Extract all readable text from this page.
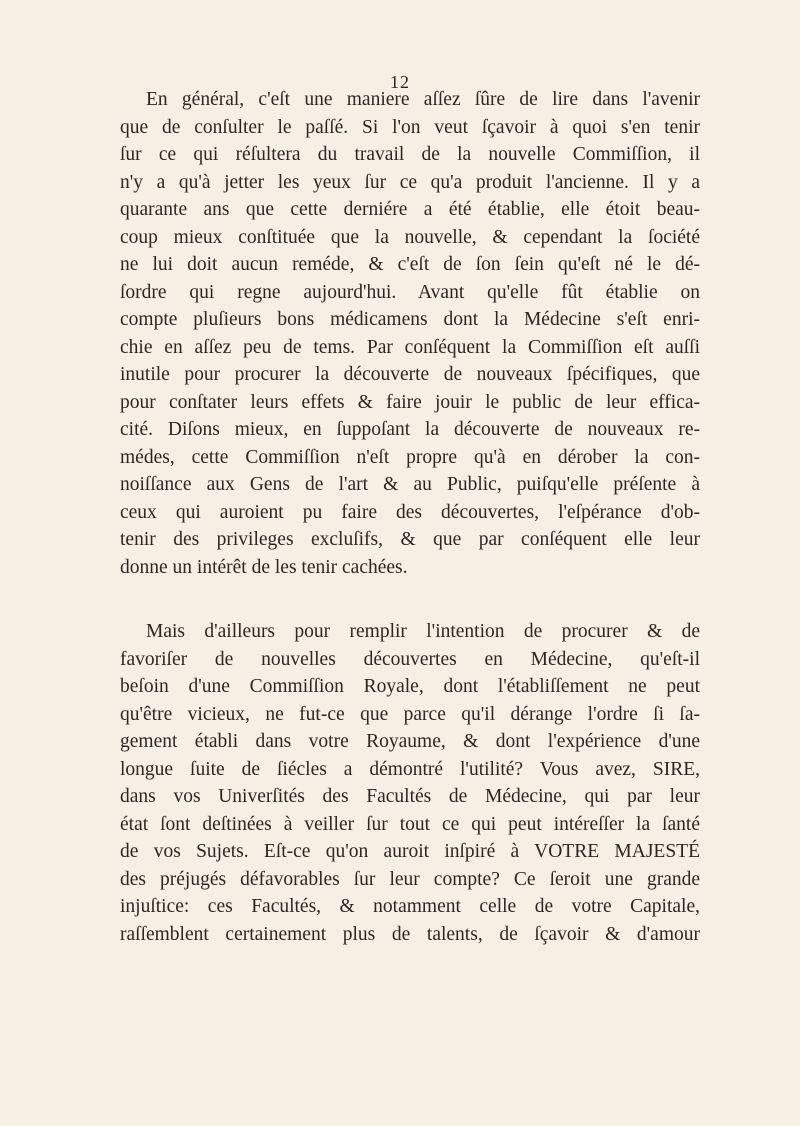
12
En général, c'eſt une maniere aſſez ſûre de lire dans l'avenir
que de conſulter le paſſé. Si l'on veut ſçavoir à quoi s'en tenir
ſur ce qui réſultera du travail de la nouvelle Commiſſion, il
n'y a qu'à jetter les yeux ſur ce qu'a produit l'ancienne. Il y a
quarante ans que cette derniére a été établie, elle étoit beau-
coup mieux conſtituée que la nouvelle, & cependant la ſociété
ne lui doit aucun reméde, & c'eſt de ſon ſein qu'eſt né le dé-
ſordre qui regne aujourd'hui. Avant qu'elle fût établie on
compte pluſieurs bons médicamens dont la Médecine s'eſt enri-
chie en aſſez peu de tems. Par conſéquent la Commiſſion eſt auſſi
inutile pour procurer la découverte de nouveaux ſpécifiques, que
pour conſtater leurs effets & faire jouir le public de leur effica-
cité. Diſons mieux, en ſuppoſant la découverte de nouveaux re-
médes, cette Commiſſion n'eſt propre qu'à en dérober la con-
noiſſance aux Gens de l'art & au Public, puiſqu'elle préſente à
ceux qui auroient pu faire des découvertes, l'eſpérance d'ob-
tenir des privileges excluſifs, & que par conſéquent elle leur
donne un intérêt de les tenir cachées.
Mais d'ailleurs pour remplir l'intention de procurer & de
favoriſer de nouvelles découvertes en Médecine, qu'eſt-il
beſoin d'une Commiſſion Royale, dont l'établiſſement ne peut
qu'être vicieux, ne fut-ce que parce qu'il dérange l'ordre ſi ſa-
gement établi dans votre Royaume, & dont l'expérience d'une
longue ſuite de ſiécles a démontré l'utilité? Vous avez, SIRE,
dans vos Univerſités des Facultés de Médecine, qui par leur
état ſont deſtinées à veiller ſur tout ce qui peut intéreſſer la ſanté
de vos Sujets. Eſt-ce qu'on auroit inſpiré à VOTRE MAJESTÉ
des préjugés défavorables ſur leur compte? Ce ſeroit une grande
injuſtice: ces Facultés, & notamment celle de votre Capitale,
raſſemblent certainement plus de talents, de ſçavoir & d'amour
